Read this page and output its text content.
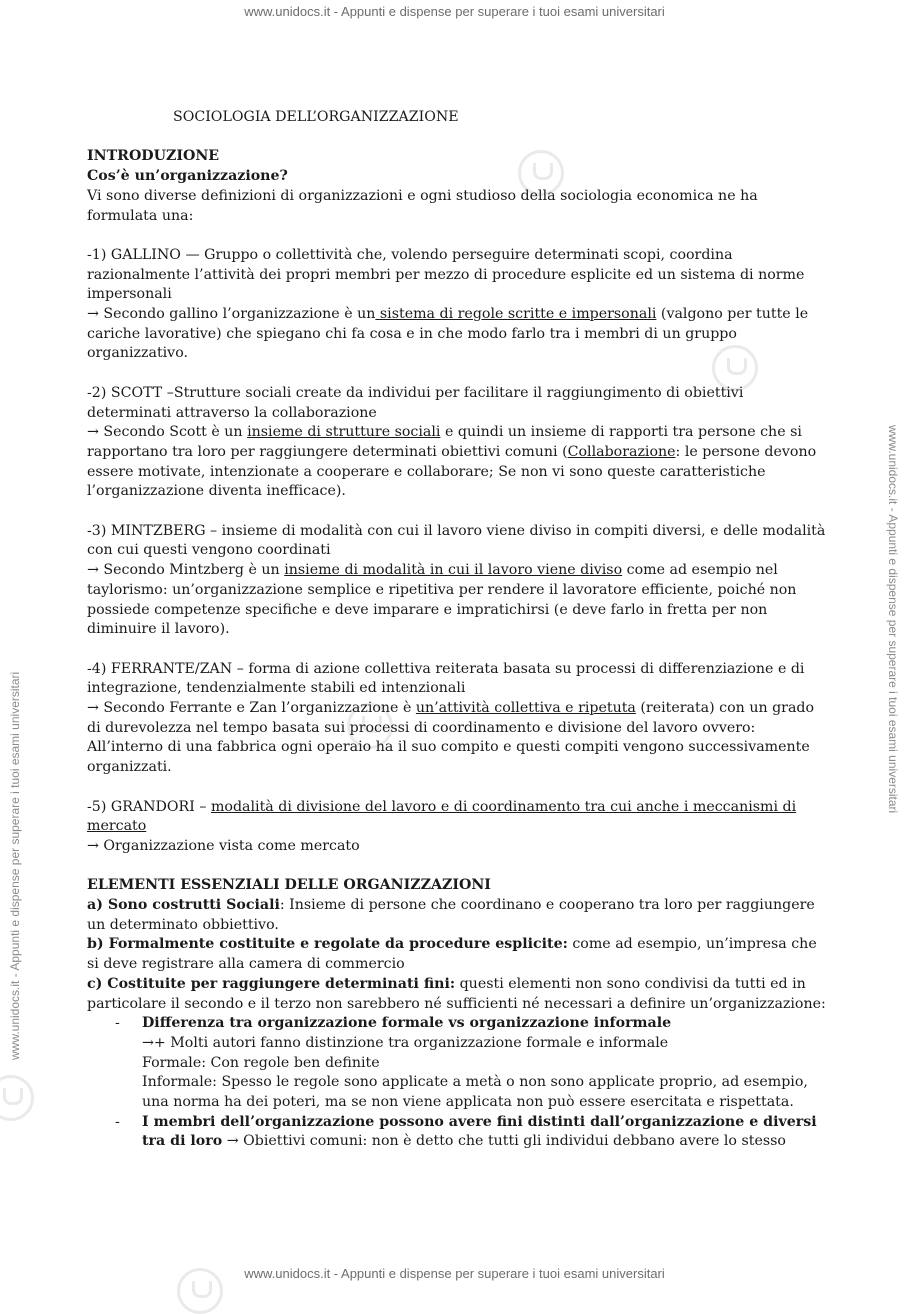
www.unidocs.it - Appunti e dispense per superare i tuoi esami universitari
www.unidocs.it - Appunti e dispense per superare i tuoi esami universitari
www.unidocs.it - Appunti e dispense per superare i tuoi esami universitari
www.unidocs.it - Appunti e dispense per superare i tuoi esami universitari

SOCIOLOGIA DELL’ORGANIZZAZIONE

INTRODUZIONE

Cos’è un’organizzazione?

Vi sono diverse definizioni di organizzazioni e ogni studioso della sociologia economica ne ha formulata una:

-1) GALLINO — Gruppo o collettività che, volendo perseguire determinati scopi, coordina razionalmente l’attività dei propri membri per mezzo di procedure esplicite ed un sistema di norme impersonali

→ Secondo gallino l’organizzazione è un sistema di regole scritte e impersonali (valgono per tutte le cariche lavorative) che spiegano chi fa cosa e in che modo farlo tra i membri di un gruppo organizzativo.

-2) SCOTT –Strutture sociali create da individui per facilitare il raggiungimento di obiettivi determinati attraverso la collaborazione

→ Secondo Scott è un insieme di strutture sociali e quindi un insieme di rapporti tra persone che si rapportano tra loro per raggiungere determinati obiettivi comuni (Collaborazione: le persone devono essere motivate, intenzionate a cooperare e collaborare; Se non vi sono queste caratteristiche l’organizzazione diventa inefficace).

-3) MINTZBERG – insieme di modalità con cui il lavoro viene diviso in compiti diversi, e delle modalità con cui questi vengono coordinati

→ Secondo Mintzberg è un insieme di modalità in cui il lavoro viene diviso come ad esempio nel taylorismo: un’organizzazione semplice e ripetitiva per rendere il lavoratore efficiente, poiché non possiede competenze specifiche e deve imparare e impratichirsi (e deve farlo in fretta per non diminuire il lavoro).

-4) FERRANTE/ZAN – forma di azione collettiva reiterata basata su processi di differenziazione e di integrazione, tendenzialmente stabili ed intenzionali

→ Secondo Ferrante e Zan l’organizzazione è un’attività collettiva e ripetuta (reiterata) con un grado di durevolezza nel tempo basata sui processi di coordinamento e divisione del lavoro ovvero:

All’interno di una fabbrica ogni operaio ha il suo compito e questi compiti vengono successivamente organizzati.

-5) GRANDORI – modalità di divisione del lavoro e di coordinamento tra cui anche i meccanismi di mercato

→ Organizzazione vista come mercato

ELEMENTI ESSENZIALI DELLE ORGANIZZAZIONI

a) Sono costrutti Sociali: Insieme di persone che coordinano e cooperano tra loro per raggiungere un determinato obbiettivo.

b) Formalmente costituite e regolate da procedure esplicite: come ad esempio, un’impresa che si deve registrare alla camera di commercio

c) Costituite per raggiungere determinati fini: questi elementi non sono condivisi da tutti ed in particolare il secondo e il terzo non sarebbero né sufficienti né necessari a definire un’organizzazione:

- Differenza tra organizzazione formale vs organizzazione informale

→+ Molti autori fanno distinzione tra organizzazione formale e informale

Formale: Con regole ben definite

Informale: Spesso le regole sono applicate a metà o non sono applicate proprio, ad esempio, una norma ha dei poteri, ma se non viene applicata non può essere esercitata e rispettata.

- I membri dell’organizzazione possono avere fini distinti dall’organizzazione e diversi tra di loro → Obiettivi comuni: non è detto che tutti gli individui debbano avere lo stesso
